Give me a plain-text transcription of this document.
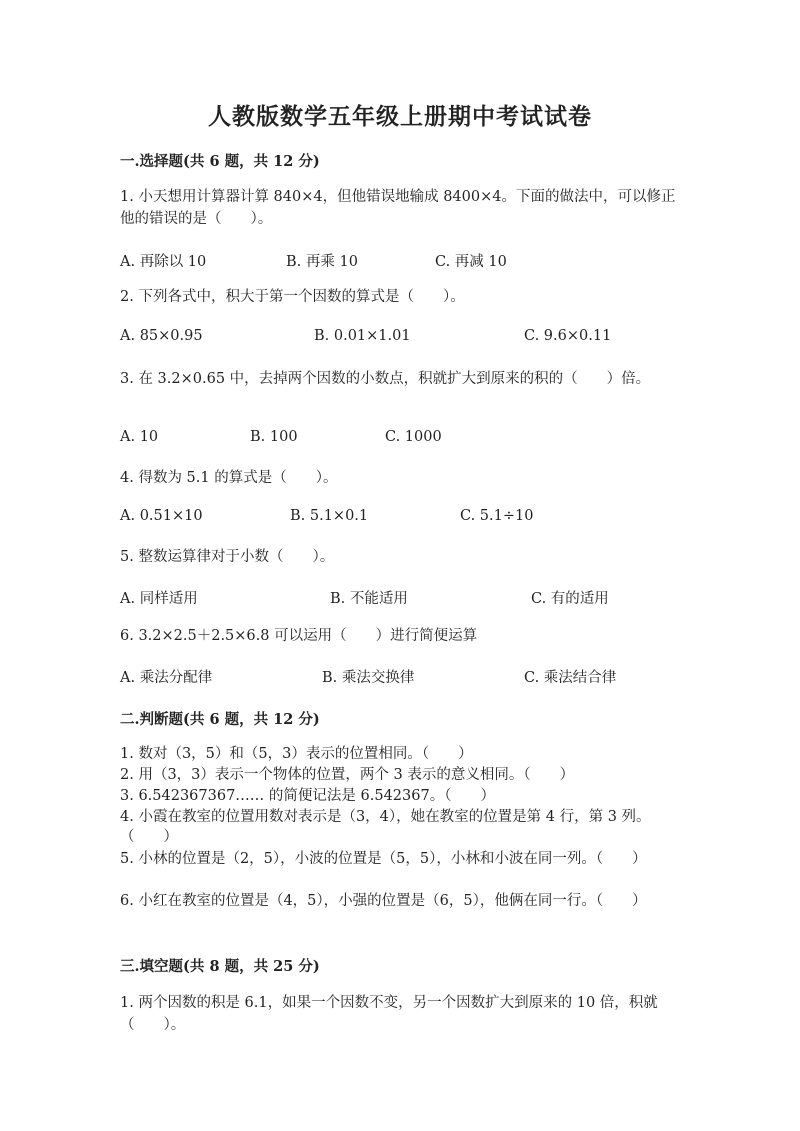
人教版数学五年级上册期中考试试卷
一.选择题(共 6 题，共 12 分)
1. 小天想用计算器计算 840×4，但他错误地输成 8400×4。下面的做法中，可以修正他的错误的是（　　）。
A. 再除以 10	B. 再乘 10	C. 再减 10
2. 下列各式中，积大于第一个因数的算式是（　　）。
A. 85×0.95	B. 0.01×1.01	C. 9.6×0.11
3. 在 3.2×0.65 中，去掉两个因数的小数点，积就扩大到原来的积的（　　）倍。
A. 10	B. 100	C. 1000
4. 得数为 5.1 的算式是（　　）。
A. 0.51×10	B. 5.1×0.1	C. 5.1÷10
5. 整数运算律对于小数（　　）。
A. 同样适用	B. 不能适用	C. 有的适用
6. 3.2×2.5＋2.5×6.8 可以运用（　　）进行简便运算
A. 乘法分配律	B. 乘法交换律	C. 乘法结合律
二.判断题(共 6 题，共 12 分)
1. 数对（3，5）和（5，3）表示的位置相同。（　　）
2. 用（3，3）表示一个物体的位置，两个 3 表示的意义相同。（　　）
3. 6.542367367…… 的简便记法是 6.542367。（　　）
4. 小霞在教室的位置用数对表示是（3，4），她在教室的位置是第 4 行，第 3 列。（　　）
5. 小林的位置是（2，5），小波的位置是（5，5），小林和小波在同一列。（　　）
6. 小红在教室的位置是（4，5），小强的位置是（6，5），他俩在同一行。（　　）
三.填空题(共 8 题，共 25 分)
1. 两个因数的积是 6.1，如果一个因数不变，另一个因数扩大到原来的 10 倍，积就（　　）。
